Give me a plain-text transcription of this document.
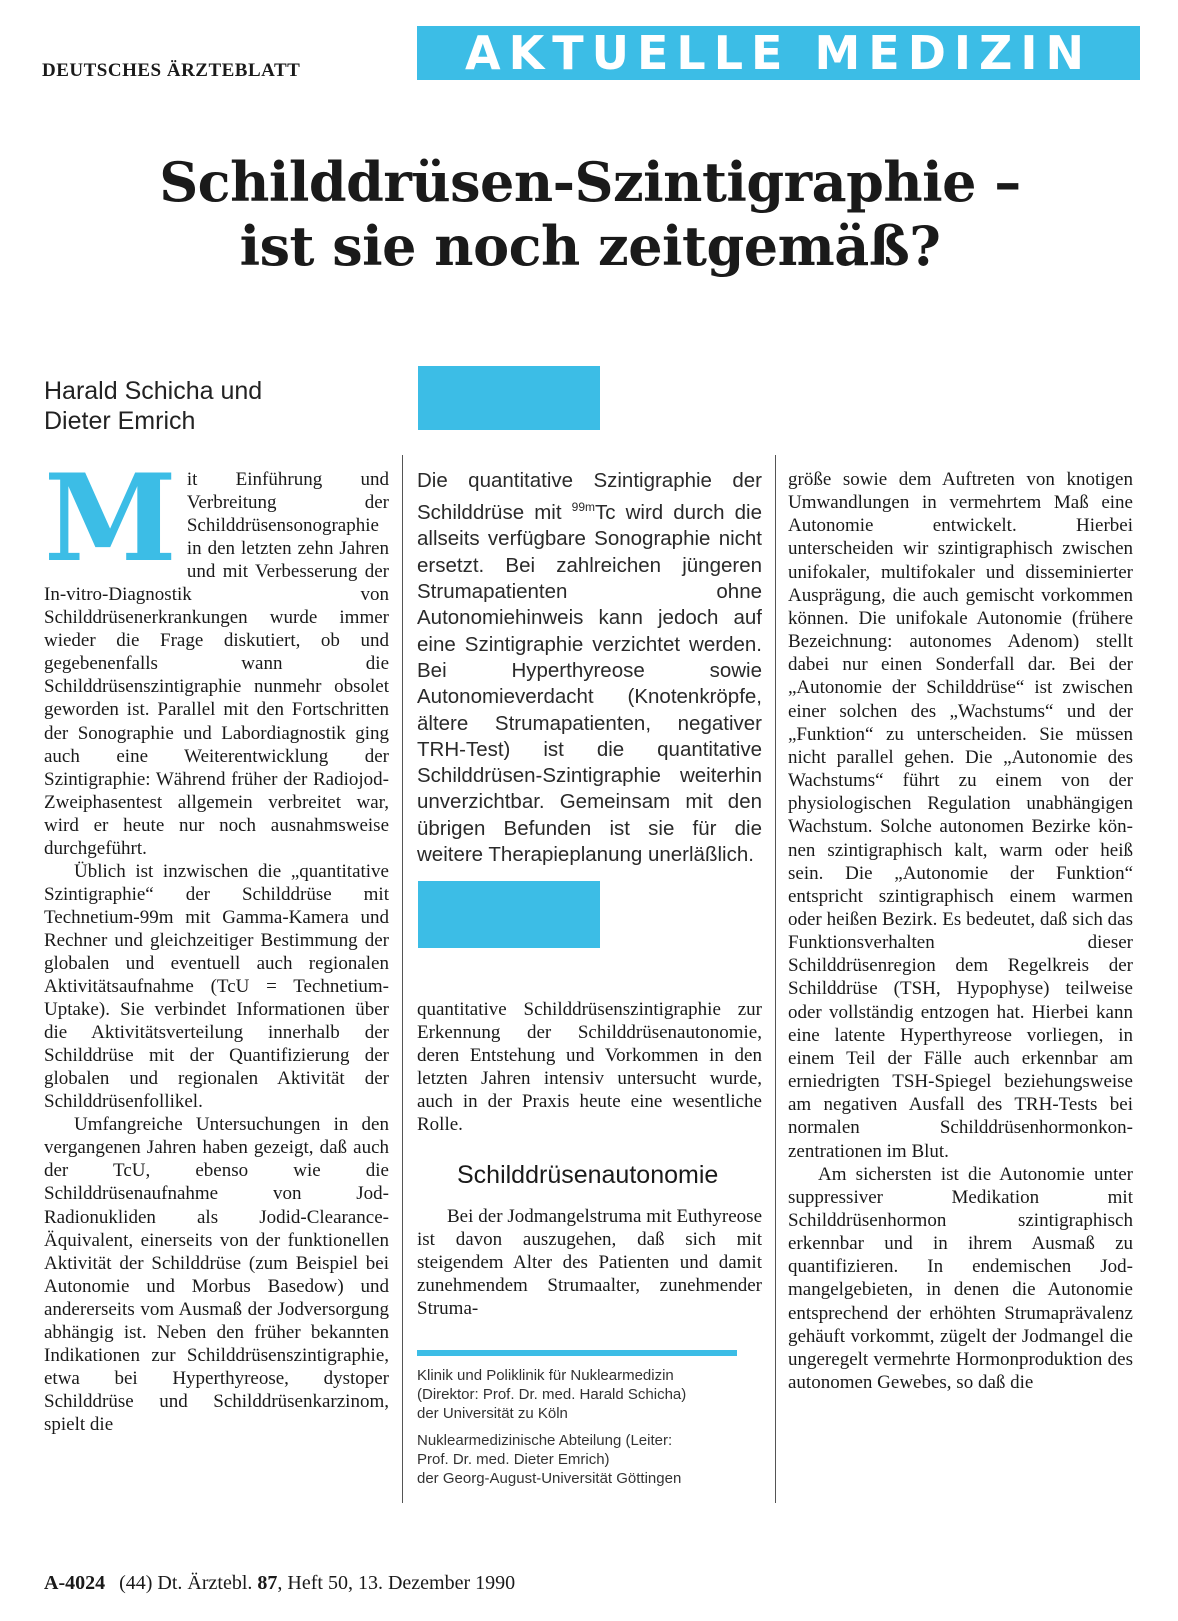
DEUTSCHES ÄRZTEBLATT	AKTUELLE MEDIZIN
Schilddrüsen-Szintigraphie –
ist sie noch zeitgemäß?
Harald Schicha und
Dieter Emrich
M it Einführung und Verbreitung der Schilddrüsensonographie in den letzten zehn Jahren und mit Verbesserung der In-vitro-Diagnostik von Schilddrüsenerkrankungen wurde immer wieder die Frage diskutiert, ob und gegebenenfalls wann die Schilddrüsenszintigraphie nunmehr obsolet geworden ist. Parallel mit den Fortschritten der Sonographie und Labordiagnostik ging auch eine Weiterentwicklung der Szintigraphie: Während früher der Radiojod-Zweiphasentest allgemein verbreitet war, wird er heute nur noch ausnahmsweise durchgeführt.

Üblich ist inzwischen die „quantitative Szintigraphie“ der Schilddrüse mit Technetium-99m mit Gamma-Kamera und Rechner und gleichzeitiger Bestimmung der globalen und eventuell auch regionalen Aktivitätsaufnahme (TcU = Technetium-Uptake). Sie verbindet Informationen über die Aktivitätsverteilung innerhalb der Schilddrüse mit der Quantifizierung der globalen und regionalen Aktivität der Schilddrüsenfollikel.

Umfangreiche Untersuchungen in den vergangenen Jahren haben gezeigt, daß auch der TcU, ebenso wie die Schilddrüsenaufnahme von Jod-Radionukliden als Jodid-Clearance-Äquivalent, einerseits von der funktionellen Aktivität der Schilddrüse (zum Beispiel bei Autonomie und Morbus Basedow) und andererseits vom Ausmaß der Jodversorgung abhängig ist. Neben den früher bekannten Indikationen zur Schilddrüsenszintigraphie, etwa bei Hyperthyreose, dystoper Schilddrüse und Schilddrüsenkarzinom, spielt die

Die quantitative Szintigraphie der Schilddrüse mit $^{99m}$Tc wird durch die allseits verfügbare Sonographie nicht ersetzt. Bei zahlreichen jüngeren Strumapatienten ohne Autonomiehinweis kann jedoch auf eine Szintigraphie verzichtet werden. Bei Hyperthyreose sowie Autonomieverdacht (Knotenkröpfe, ältere Strumapatienten, negativer TRH-Test) ist die quantitative Schilddrüsen-Szintigraphie weiterhin unverzichtbar. Gemeinsam mit den übrigen Befunden ist sie für die weitere Therapieplanung unerläßlich.

quantitative Schilddrüsenszintigraphie zur Erkennung der Schilddrüsenautonomie, deren Entstehung und Vorkommen in den letzten Jahren intensiv untersucht wurde, auch in der Praxis heute eine wesentliche Rolle.

Schilddrüsenautonomie

Bei der Jodmangelstruma mit Euthyreose ist davon auszugehen, daß sich mit steigendem Alter des Patienten und damit zunehmendem Strumaalter, zunehmender Struma-

Klinik und Poliklinik für Nuklearmedizin
(Direktor: Prof. Dr. med. Harald Schicha)
der Universität zu Köln
Nuklearmedizinische Abteilung (Leiter:
Prof. Dr. med. Dieter Emrich)
der Georg-August-Universität Göttingen

größe sowie dem Auftreten von knotigen Umwandlungen in vermehrtem Maß eine Autonomie entwickelt. Hierbei unterscheiden wir szintigraphisch zwischen unifokaler, multifokaler und disseminierter Ausprägung, die auch gemischt vorkommen können. Die unifokale Autonomie (frühere Bezeichnung: autonomes Adenom) stellt dabei nur einen Sonderfall dar. Bei der „Autonomie der Schilddrüse“ ist zwischen einer solchen des „Wachstums“ und der „Funktion“ zu unterscheiden. Sie müssen nicht parallel gehen. Die „Autonomie des Wachstums“ führt zu einem von der physiologischen Regulation unabhängigen Wachstum. Solche autonomen Bezirke können szintigraphisch kalt, warm oder heiß sein. Die „Autonomie der Funktion“ entspricht szintigraphisch einem warmen oder heißen Bezirk. Es bedeutet, daß sich das Funktionsverhalten dieser Schilddrüsenregion dem Regelkreis der Schilddrüse (TSH, Hypophyse) teilweise oder vollständig entzogen hat. Hierbei kann eine latente Hyperthyreose vorliegen, in einem Teil der Fälle auch erkennbar am erniedrigten TSH-Spiegel beziehungsweise am negativen Ausfall des TRH-Tests bei normalen Schilddrüsenhormonkonzentrationen im Blut.

Am sichersten ist die Autonomie unter suppressiver Medikation mit Schilddrüsenhormon szintigraphisch erkennbar und in ihrem Ausmaß zu quantifizieren. In endemischen Jodmangelgebieten, in denen die Autonomie entsprechend der erhöhten Strumaprävalenz gehäuft vorkommt, zügelt der Jodmangel die ungeregelt vermehrte Hormonproduktion des autonomen Gewebes, so daß die

A-4024 (44) Dt. Ärztebl. 87, Heft 50, 13. Dezember 1990
